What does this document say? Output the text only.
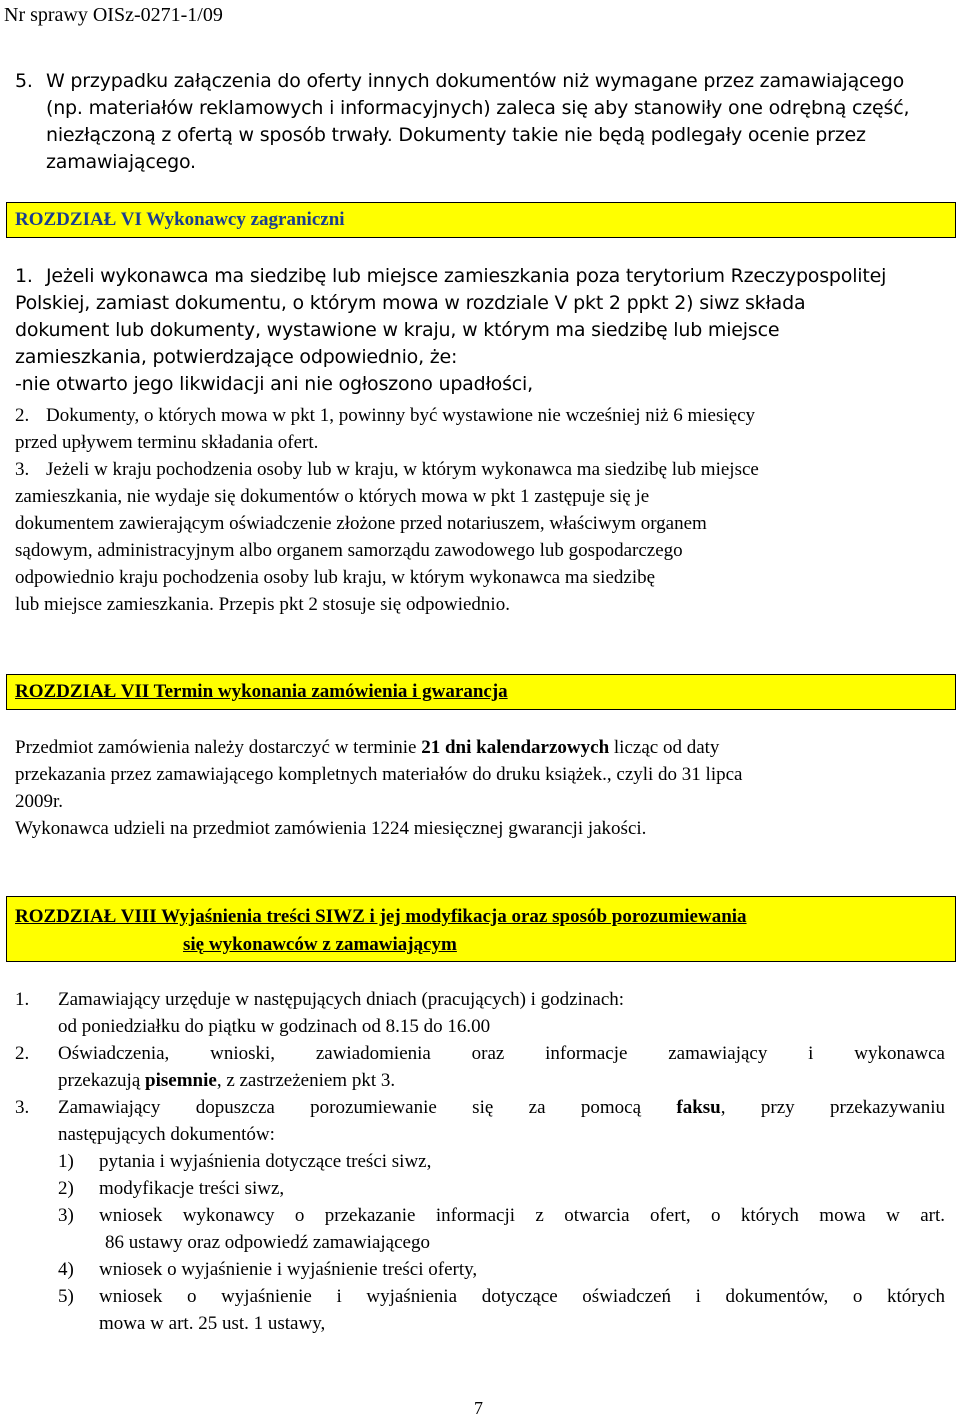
Nr sprawy OISz-0271-1/09
5. W przypadku załączenia do oferty innych dokumentów niż wymagane przez zamawiającego
(np. materiałów reklamowych i informacyjnych) zaleca się aby stanowiły one odrębną część,
niezłączoną z ofertą w sposób trwały. Dokumenty takie nie będą podlegały ocenie przez
zamawiającego.
ROZDZIAŁ VI Wykonawcy zagraniczni
1. Jeżeli wykonawca ma siedzibę lub miejsce zamieszkania poza terytorium Rzeczypospolitej
Polskiej, zamiast dokumentu, o którym mowa w rozdziale V pkt 2 ppkt 2) siwz składa
dokument lub dokumenty, wystawione w kraju, w którym ma siedzibę lub miejsce
zamieszkania, potwierdzające odpowiednio, że:
-nie otwarto jego likwidacji ani nie ogłoszono upadłości,
2. Dokumenty, o których mowa w pkt 1, powinny być wystawione nie wcześniej niż 6 miesięcy
przed upływem terminu składania ofert.
3. Jeżeli w kraju pochodzenia osoby lub w kraju, w którym wykonawca ma siedzibę lub miejsce
zamieszkania, nie wydaje się dokumentów o których mowa w pkt 1 zastępuje się je
dokumentem zawierającym oświadczenie złożone przed notariuszem, właściwym organem
sądowym, administracyjnym albo organem samorządu zawodowego lub gospodarczego
odpowiednio kraju pochodzenia osoby lub kraju, w którym wykonawca ma siedzibę
lub miejsce zamieszkania. Przepis pkt 2 stosuje się odpowiednio.
ROZDZIAŁ VII Termin wykonania zamówienia i gwarancja
Przedmiot zamówienia należy dostarczyć w terminie 21 dni kalendarzowych licząc od daty
przekazania przez zamawiającego kompletnych materiałów do druku książek., czyli do 31 lipca
2009r.
Wykonawca udzieli na przedmiot zamówienia 1224 miesięcznej gwarancji jakości.
ROZDZIAŁ VIII Wyjaśnienia treści SIWZ i jej modyfikacja oraz sposób porozumiewania
się wykonawców z zamawiającym
1. Zamawiający urzęduje w następujących dniach (pracujących) i godzinach:
od poniedziałku do piątku w godzinach od 8.15 do 16.00
2. Oświadczenia, wnioski, zawiadomienia oraz informacje zamawiający i wykonawca
przekazują pisemnie, z zastrzeżeniem pkt 3.
3. Zamawiający dopuszcza porozumiewanie się za pomocą faksu, przy przekazywaniu
następujących dokumentów:
1) pytania i wyjaśnienia dotyczące treści siwz,
2) modyfikacje treści siwz,
3) wniosek wykonawcy o przekazanie informacji z otwarcia ofert, o których mowa w art.
86 ustawy oraz odpowiedź zamawiającego
4) wniosek o wyjaśnienie i wyjaśnienie treści oferty,
5) wniosek o wyjaśnienie i wyjaśnienia dotyczące oświadczeń i dokumentów, o których
mowa w art. 25 ust. 1 ustawy,
7
